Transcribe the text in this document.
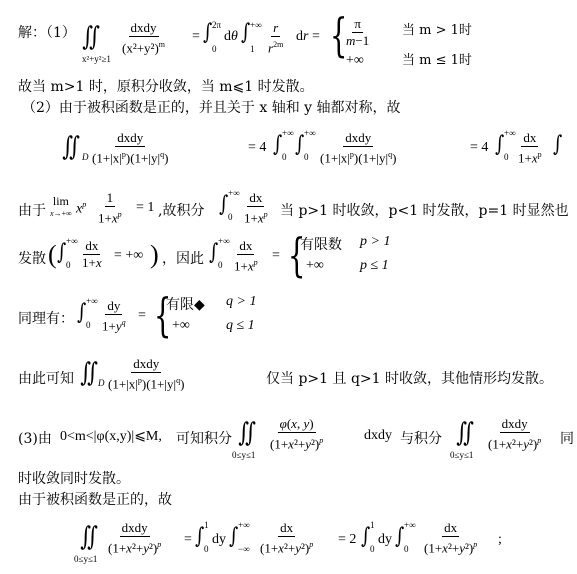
解：（1） ∬
x²+y²≥1
dxdy
$(x^2+y^2)^m$
= ∫ 2π
0
dθ ∫ +∞
$1 \frac{r}{r^{2m}}$ dr = {
$\frac{\pi}{m-1}$ 当 m > 1时
+∞	当 m ≤ 1时
故当 m>1 时，原积分收敛，当 m⩽1 时发散。
（2）由于被积函数是正的，并且关于 x 轴和 y 轴都对称，故
∬ D
dxdy
$(1+|x|^p)(1+|y|^q)$
= 4 ∫ +∞
0 ∫ +∞
0
dxdy
$(1+|x|^p)(1+|y|^q)$
= 4 ∫ +∞
$0 \frac{dx}{1+x^p}$ ∫
由于
lim
x→+∞ $x^p \frac{1}{1+x^p} = 1$ ,故积分 ∫ +∞
$0 \frac{dx}{1+x^p}$ 当 p>1 时收敛，p<1 时发散，p=1 时显然也
发散 ( ∫ +∞
$0 \frac{dx}{1+x}$ = +∞ ) ，因此 ∫ +∞
$0 \frac{dx}{1+x^p}$ = {
有限数 p > 1
+∞	p ≤ 1
同理有： ∫ +∞
$0 \frac{dy}{1+y^q}$ = {
有限◆ q > 1
+∞	q ≤ 1
由此可知 ∬ D
dxdy
$(1+|x|^p)(1+|y|^q)$	仅当 p>1 且 q>1 时收敛，其他情形均发散。
(3)由 0<m<|φ(x,y)|⩽M, 可知积分 ∬
0≤y≤1
$\frac{\varphi(x, y)}{(1+x^2+y^2)^p}$	dxdy 与积分 ∬
0≤y≤1
dxdy
$(1+x^2+y^2)^p$ 同
时收敛同时发散。
由于被积函数是正的，故
∬
0≤y≤1
dxdy
$(1+x^2+y^2)^p$ = ∫ 1
0
dy ∫ +∞
−∞ $\frac{dx}{(1+x^2+y^2)^p} = 2$ ∫ 1
0
dy ∫ +∞
$0 \frac{dx}{(1+x^2+y^2)^p}$ ;
